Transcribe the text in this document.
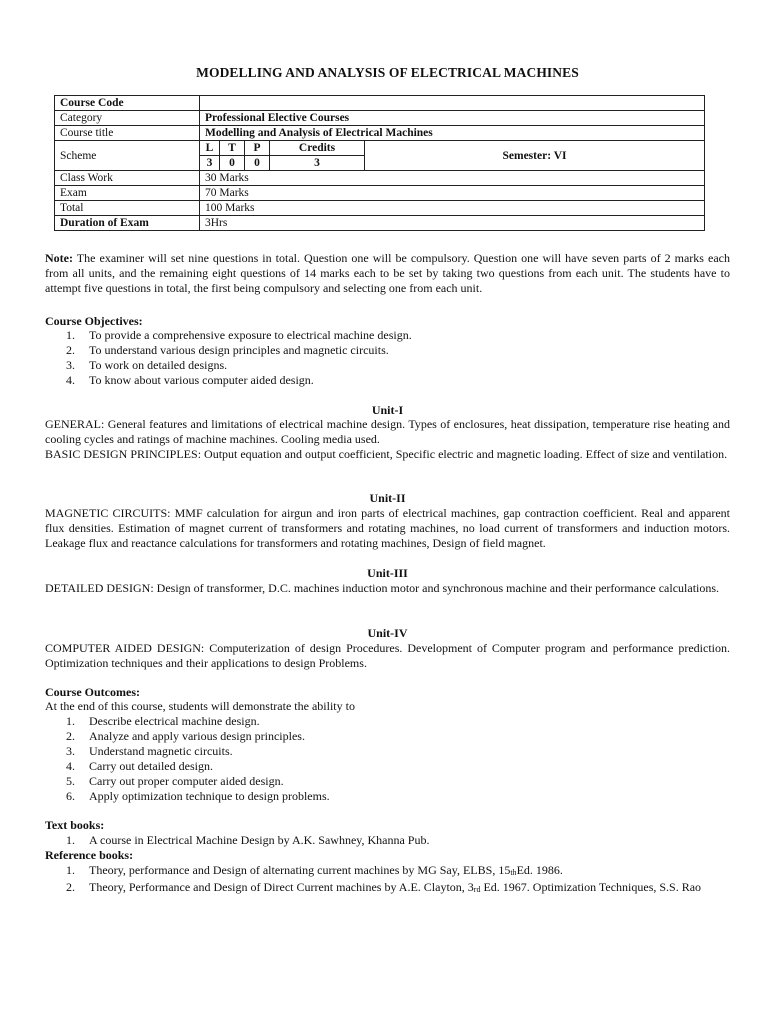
MODELLING AND ANALYSIS OF ELECTRICAL MACHINES
Course Code					
Category	Professional Elective Courses				
Course title	Modelling and Analysis of Electrical Machines				
Scheme	L	T	P	Credits	Semester: VI
	3	0	0	3	
Class Work	30 Marks				
Exam	70 Marks				
Total	100 Marks				
Duration of Exam	3Hrs				
Note: The examiner will set nine questions in total. Question one will be compulsory. Question one will have seven parts of 2 marks each from all units, and the remaining eight questions of 14 marks each to be set by taking two questions from each unit. The students have to attempt five questions in total, the first being compulsory and selecting one from each unit.
Course Objectives:
1.	To provide a comprehensive exposure to electrical machine design.
2.	To understand various design principles and magnetic circuits.
3.	To work on detailed designs.
4.	To know about various computer aided design.
Unit-I
GENERAL: General features and limitations of electrical machine design. Types of enclosures, heat dissipation, temperature rise heating and cooling cycles and ratings of machine machines. Cooling media used.
BASIC DESIGN PRINCIPLES: Output equation and output coefficient, Specific electric and magnetic loading. Effect of size and ventilation.
Unit-II
MAGNETIC CIRCUITS: MMF calculation for airgun and iron parts of electrical machines, gap contraction coefficient. Real and apparent flux densities. Estimation of magnet current of transformers and rotating machines, no load current of transformers and induction motors. Leakage flux and reactance calculations for transformers and rotating machines, Design of field magnet.
Unit-III
DETAILED DESIGN: Design of transformer, D.C. machines induction motor and synchronous machine and their performance calculations.
Unit-IV
COMPUTER AIDED DESIGN: Computerization of design Procedures. Development of Computer program and performance prediction. Optimization techniques and their applications to design Problems.
Course Outcomes:
At the end of this course, students will demonstrate the ability to
1.	Describe electrical machine design.
2.	Analyze and apply various design principles.
3.	Understand magnetic circuits.
4.	Carry out detailed design.
5.	Carry out proper computer aided design.
6.	Apply optimization technique to design problems.
Text books:
1.	A course in Electrical Machine Design by A.K. Sawhney, Khanna Pub.
Reference books:
1.	Theory, performance and Design of alternating current machines by MG Say, ELBS, $15_{th}Ed$. 1986.
2.	Theory, Performance and Design of Direct Current machines by A.E. Clayton, $3_{rd}$ Ed. 1967. Optimization Techniques, S.S. Rao
